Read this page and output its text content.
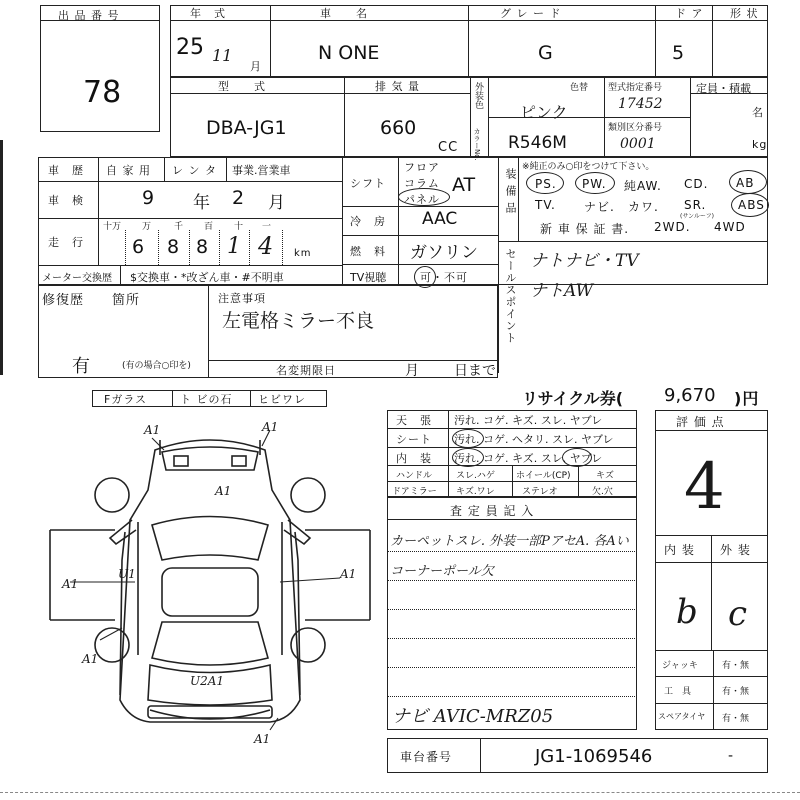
出 品 番 号
78
年　式
25 11
月
車　　名
N ONE
グ レ ー ド
G
ド ア
5
形 状
型　　式
DBA-JG1
排 気 量
660
CC
外装色	色替
ピンク
カラーNo. R546M
型式指定番号
17452
類別区分番号
0001
定員・積載
名
kg
車　歴 自 家 用 レ ン タ 事業.営業車
車　検	9 年 2 月
走　行
十万 万	千 百 十 一
6 8 8 1 4 km
メーター交換歴 $交換車・*改ざん車・#不明車
シフト
フロア
コラム
パネル
AT
冷　房 AAC
燃　料 ガソリン
TV視聴	可・不可
装備品
※純正のみ○印をつけて下さい。
PS. PW. 純AW. CD. AB
TV. ナビ. カワ. SR.
(サンルーフ)
ABS
新 車 保 証 書. 2WD. 4WD
セールスポイント ナトナビ・TV
ナトAW
修復歴 箇所
有	(有の場合○印を)
注意事項
左電格ミラー不良
名変期限日	月 日まで
Fガラス	ト ビの石 ヒビワレ
A1	A1
A1
A1
A1
U1
A1
U2A1
A1
リサイクル券( 9,670 )円
天　張 汚れ. コゲ. キズ. スレ. ヤブレ
シート 汚れ. コゲ. ヘタリ. スレ. ヤブレ
内　装 汚れ. コゲ. キズ. スレ. ヤブレ
ハンドル	スレ.ハゲ ホイール(CP)	キズ
ドアミラー キズ.ワレ	ステレオ	欠.穴
査 定 員 記 入
カーペットスレ. 外装一部PアセA. 各Aい
コーナーポール欠
ナビ AVIC-MRZ05
評 価 点
4
内 装 外 装
b c
ジャッキ	有・無
工　具	有・無
スペアタイヤ 有・無
車台番号	JG1-1069546	-
